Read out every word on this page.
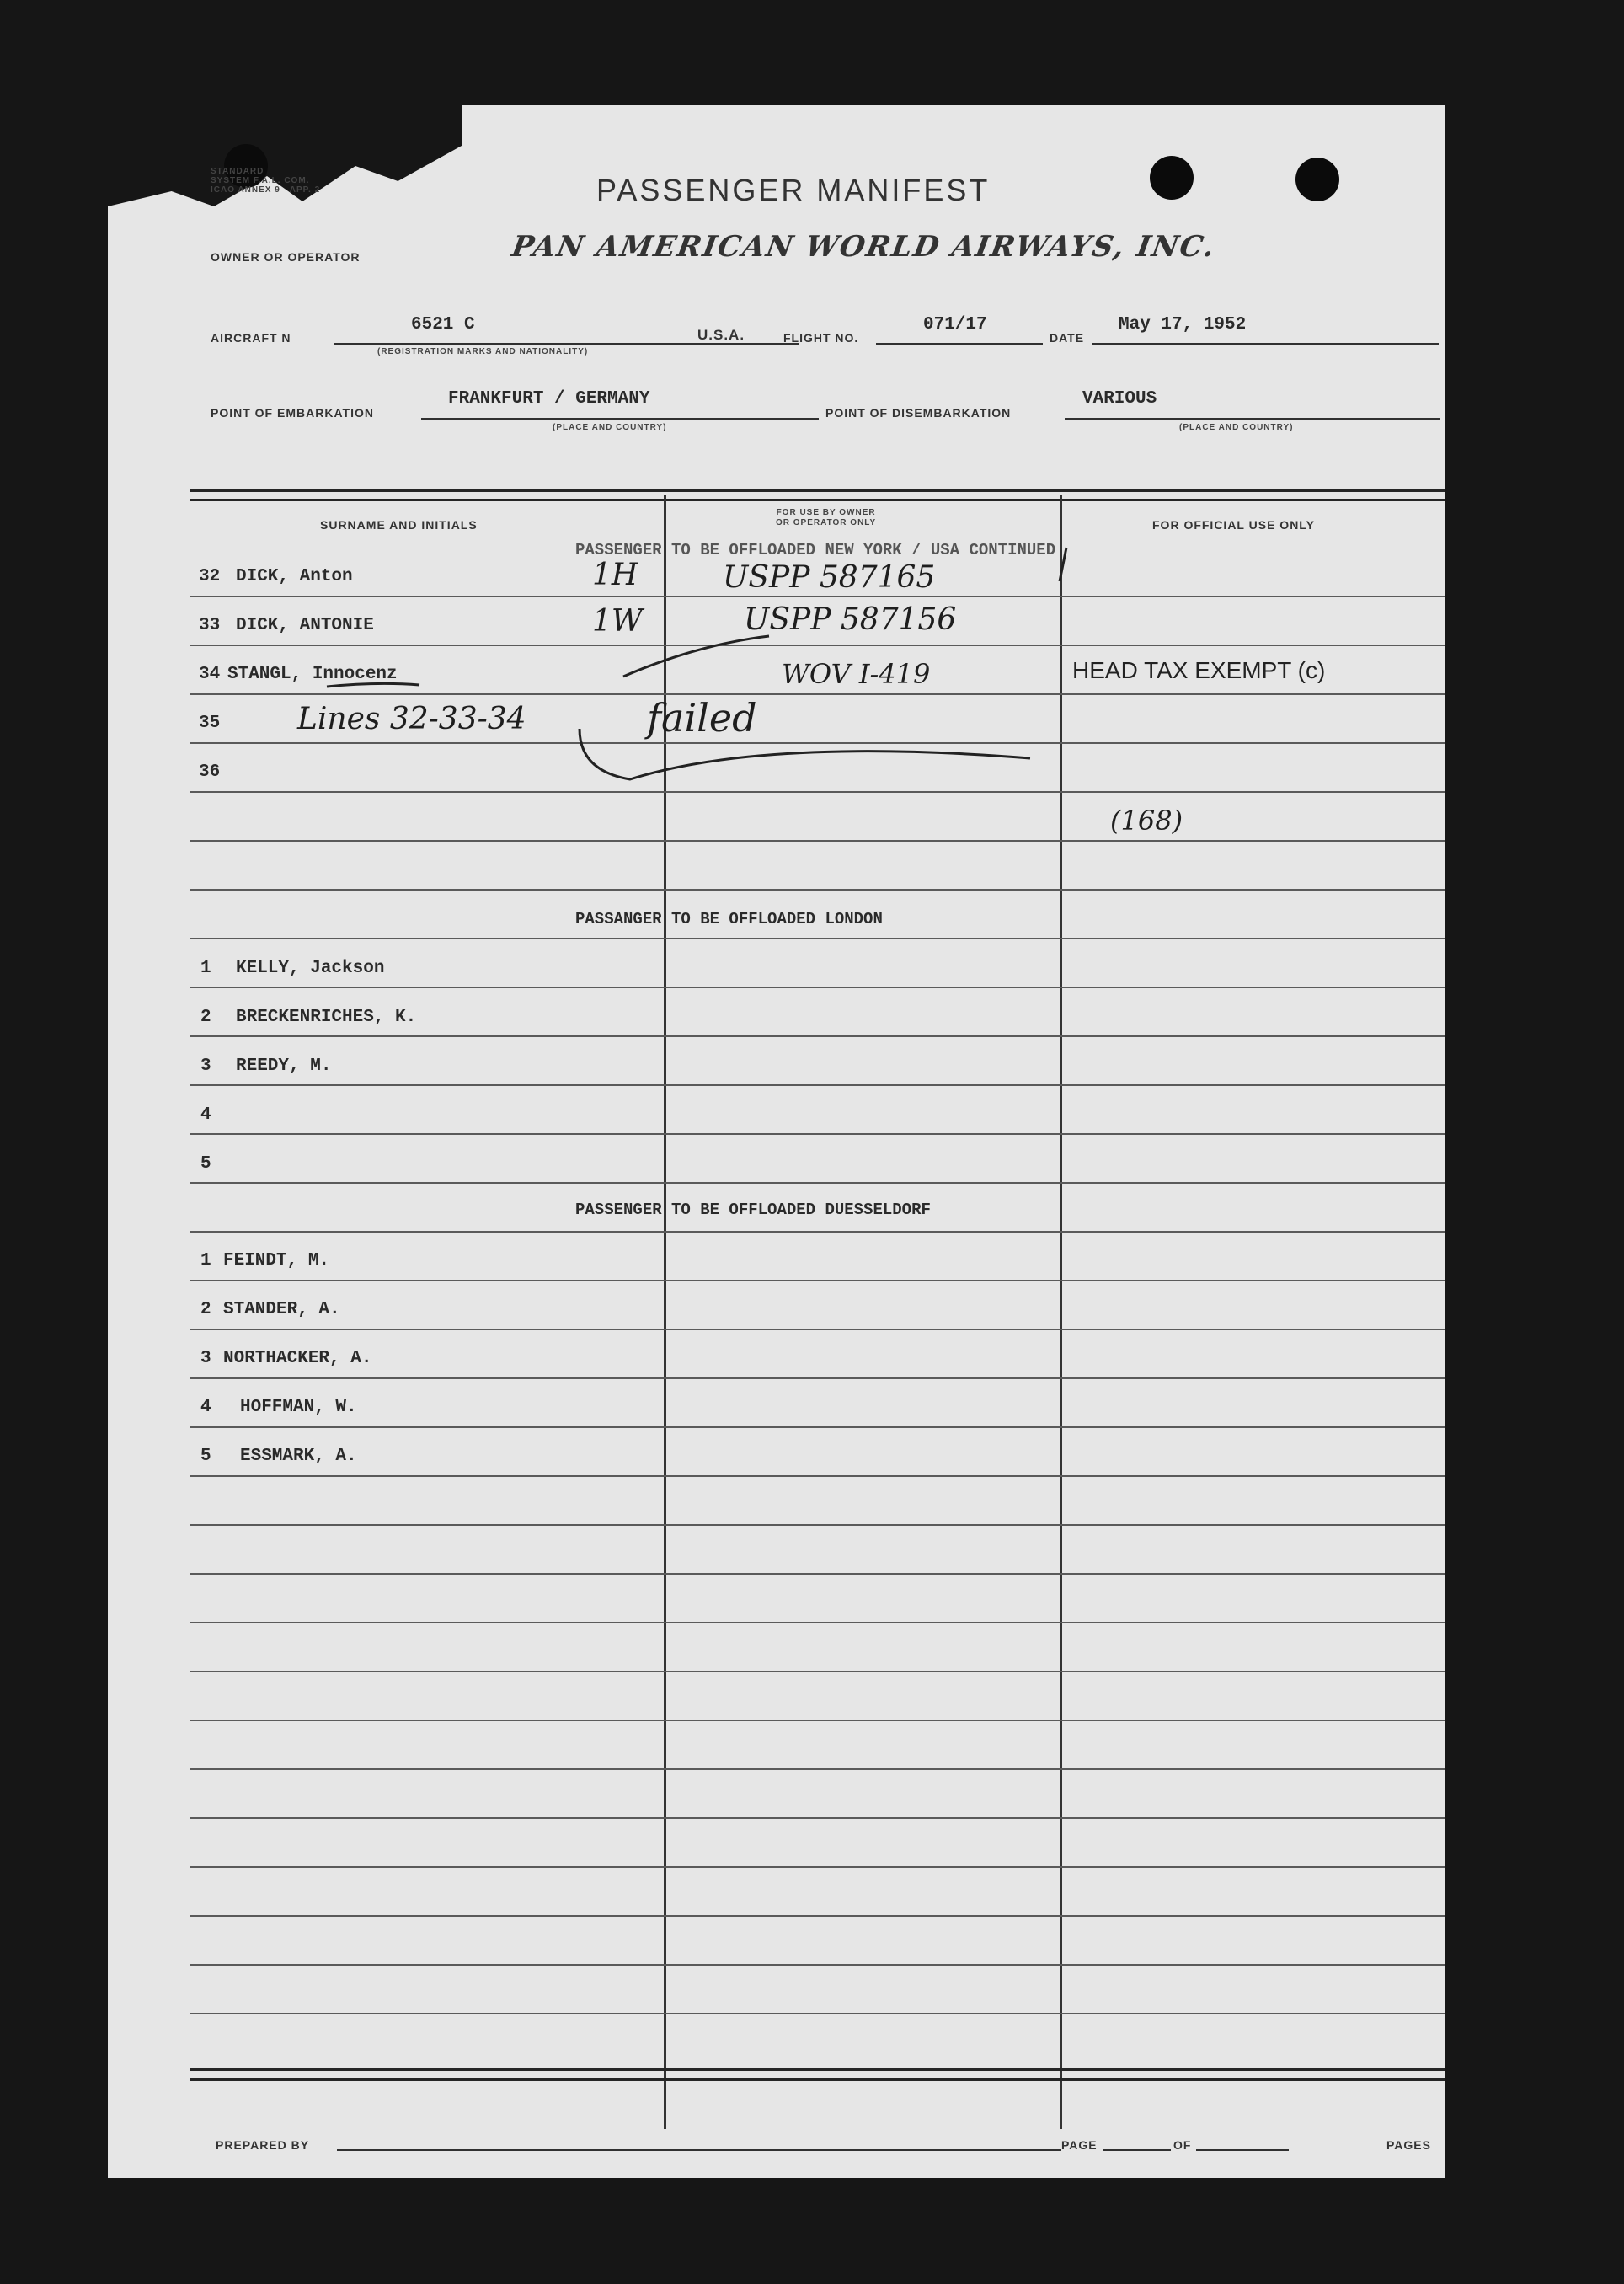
STANDARD
SYSTEM F.A.L. COM.
ICAO ANNEX 9—APP. 2	PASSENGER MANIFEST
OWNER OR OPERATOR	PAN AMERICAN WORLD AIRWAYS, INC.
AIRCRAFT N
6521 C
(REGISTRATION MARKS AND NATIONALITY)
U.S.A.	FLIGHT NO.
071/17
DATE
May 17, 1952
POINT OF EMBARKATION
FRANKFURT / GERMANY
(PLACE AND COUNTRY)
POINT OF DISEMBARKATION
VARIOUS
(PLACE AND COUNTRY)
SURNAME AND INITIALS
FOR USE BY OWNER
OR OPERATOR ONLY	FOR OFFICIAL USE ONLY
PASSENGER TO BE OFFLOADED NEW YORK / USA CONTINUED
32 DICK, Anton	1H	USPP 587165
33 DICK, ANTONIE	1W	USPP 587156
34 STANGL, Innocenz	WOV I-419	HEAD TAX EXEMPT (c)
35	Lines 32-33-34	failed
36
(168)
PASSANGER TO BE OFFLOADED LONDON
1 KELLY, Jackson
2 BRECKENRICHES, K.
3 REEDY, M.
4
5
PASSENGER TO BE OFFLOADED DUESSELDORF
1 FEINDT, M.
2 STANDER, A.
3 NORTHACKER, A.
4 HOFFMAN, W.
5 ESSMARK, A.
PREPARED BY	PAGE	OF	PAGES
